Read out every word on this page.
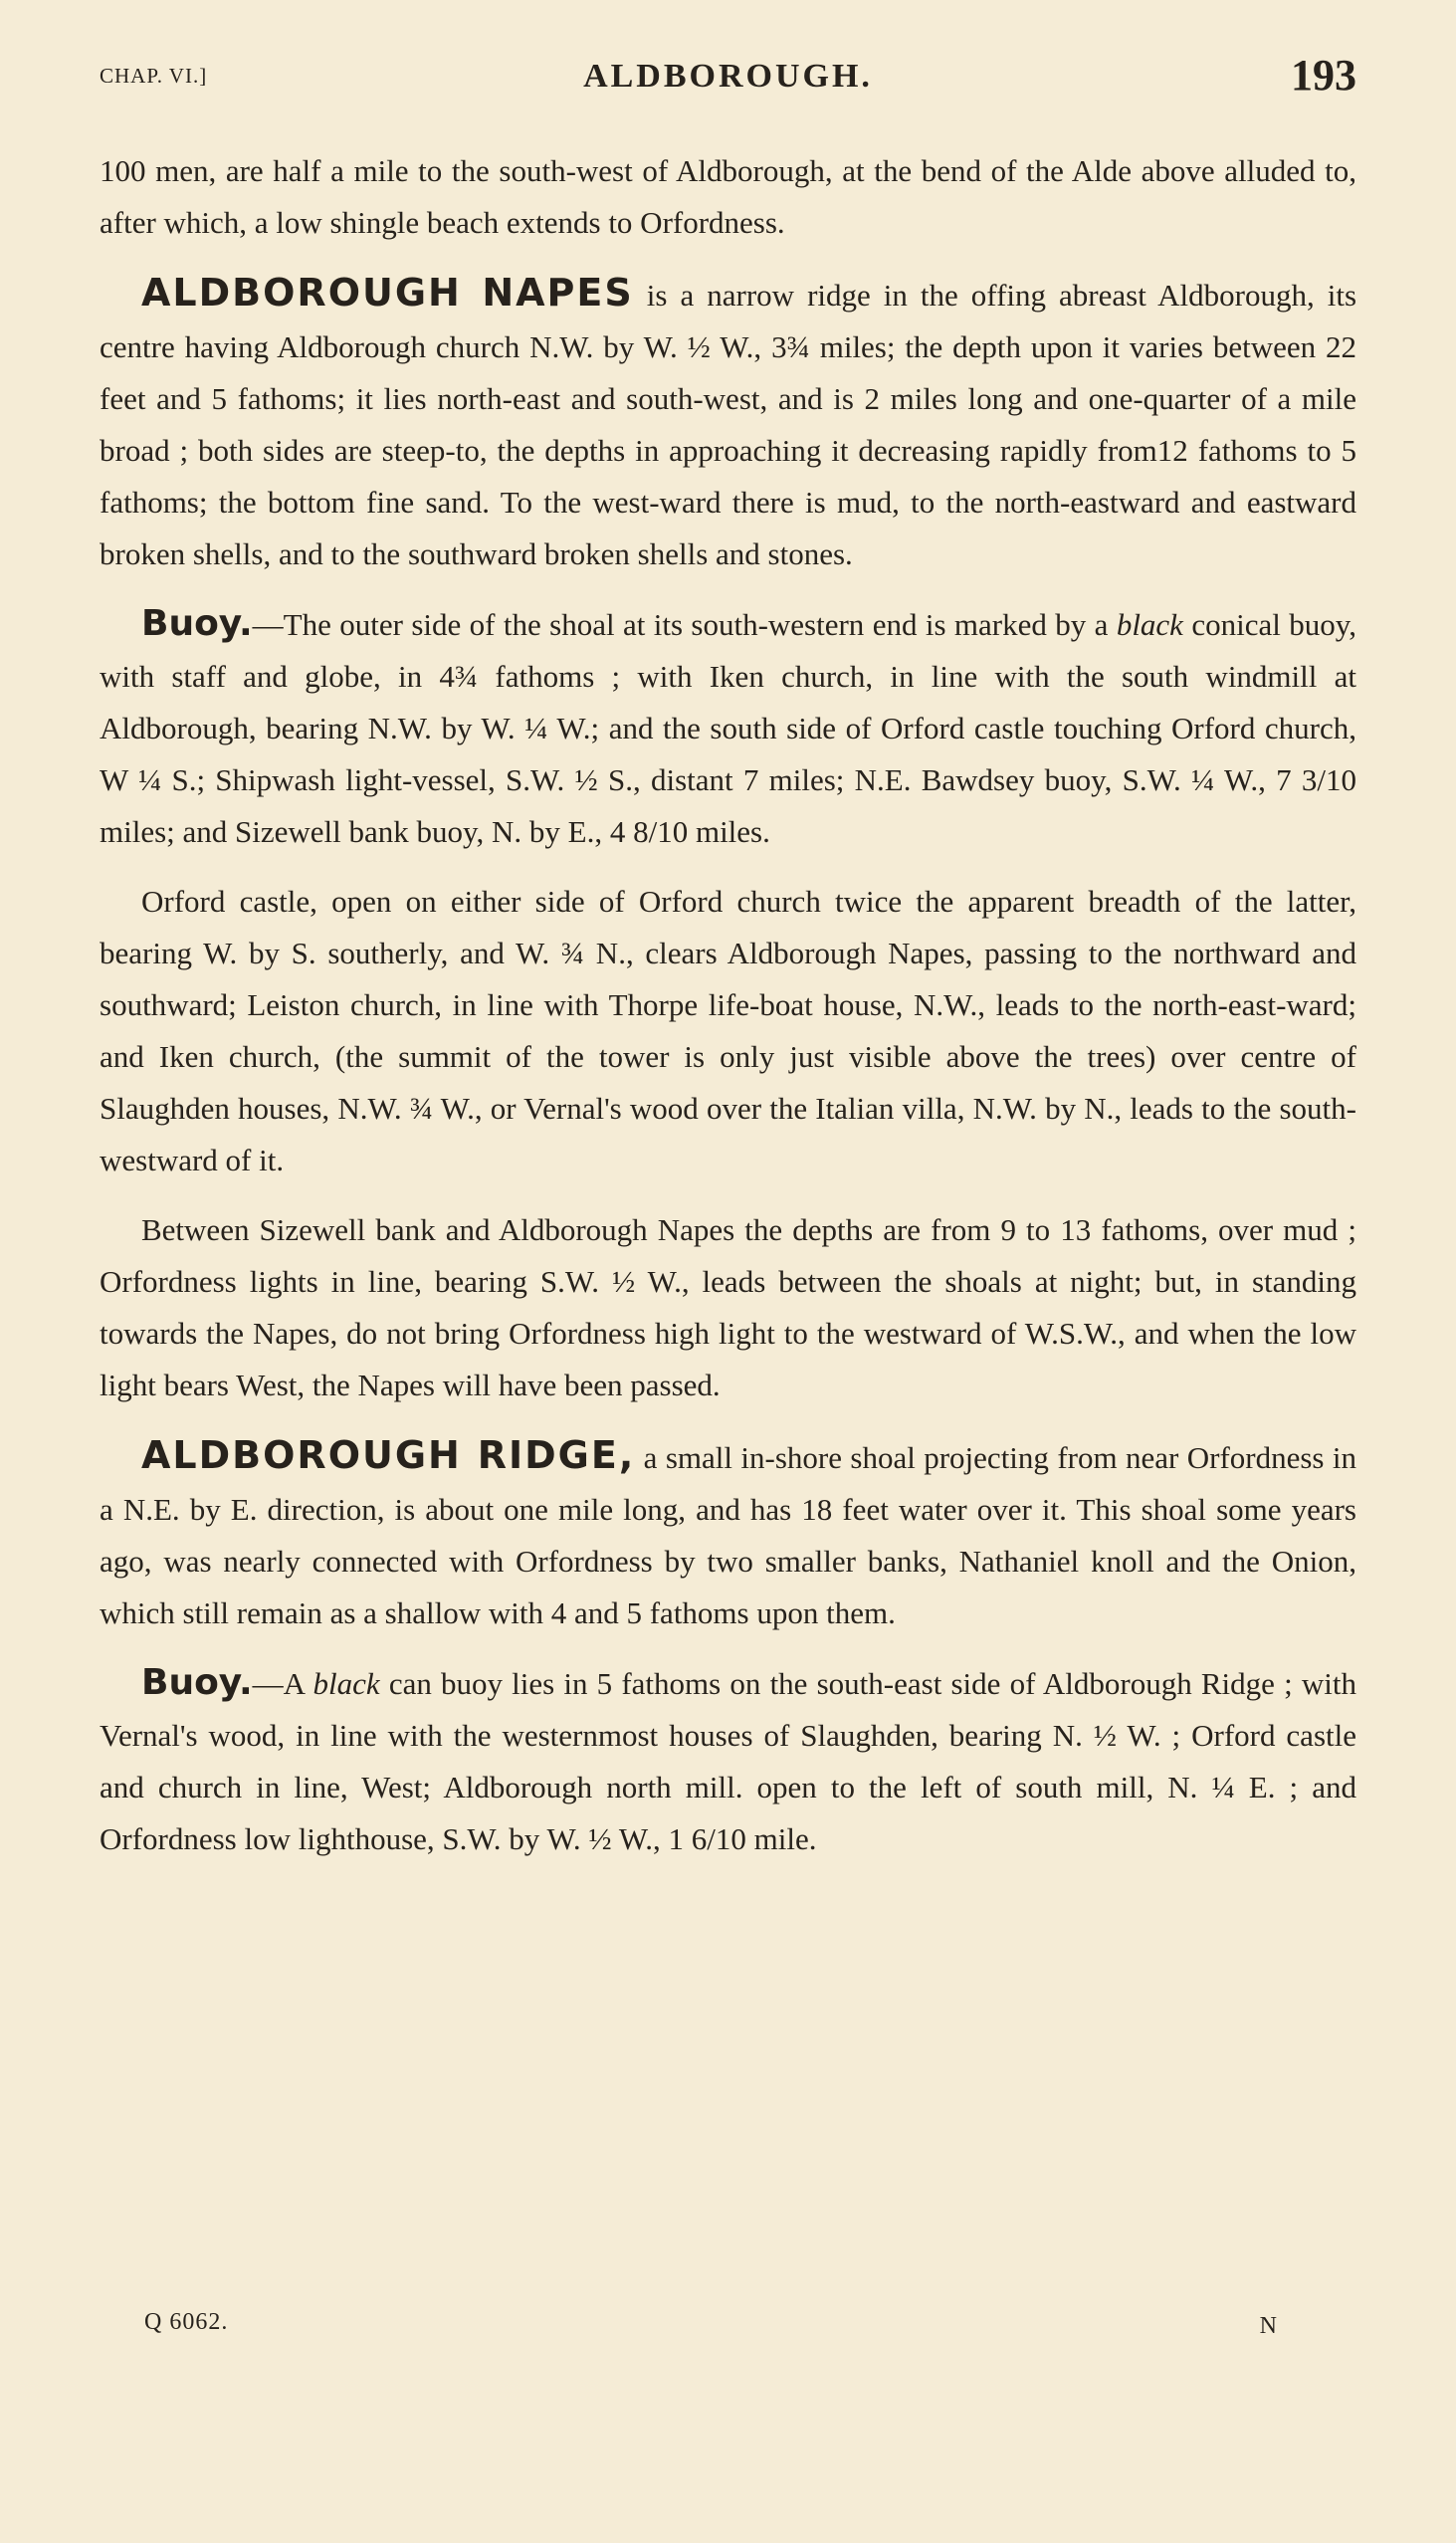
CHAP. VI.]	ALDBOROUGH.	193

100 men, are half a mile to the south-west of Aldborough, at the bend of the Alde above alluded to, after which, a low shingle beach extends to Orfordness.

ALDBOROUGH NAPES is a narrow ridge in the offing abreast Aldborough, its centre having Aldborough church N.W. by W. ½ W., 3¾ miles; the depth upon it varies between 22 feet and 5 fathoms; it lies north-east and south-west, and is 2 miles long and one-quarter of a mile broad ; both sides are steep-to, the depths in approaching it decreasing rapidly from12 fathoms to 5 fathoms; the bottom fine sand. To the west-ward there is mud, to the north-eastward and eastward broken shells, and to the southward broken shells and stones.

Buoy.—The outer side of the shoal at its south-western end is marked by a black conical buoy, with staff and globe, in 4¾ fathoms ; with Iken church, in line with the south windmill at Aldborough, bearing N.W. by W. ¼ W.; and the south side of Orford castle touching Orford church, W ¼ S.; Shipwash light-vessel, S.W. ½ S., distant 7 miles; N.E. Bawdsey buoy, S.W. ¼ W., 7 3/10 miles; and Sizewell bank buoy, N. by E., 4 8/10 miles.

Orford castle, open on either side of Orford church twice the apparent breadth of the latter, bearing W. by S. southerly, and W. ¾ N., clears Aldborough Napes, passing to the northward and southward; Leiston church, in line with Thorpe life-boat house, N.W., leads to the north-east-ward; and Iken church, (the summit of the tower is only just visible above the trees) over centre of Slaughden houses, N.W. ¾ W., or Vernal's wood over the Italian villa, N.W. by N., leads to the south-westward of it.

Between Sizewell bank and Aldborough Napes the depths are from 9 to 13 fathoms, over mud ; Orfordness lights in line, bearing S.W. ½ W., leads between the shoals at night; but, in standing towards the Napes, do not bring Orfordness high light to the westward of W.S.W., and when the low light bears West, the Napes will have been passed.

ALDBOROUGH RIDGE, a small in-shore shoal projecting from near Orfordness in a N.E. by E. direction, is about one mile long, and has 18 feet water over it. This shoal some years ago, was nearly connected with Orfordness by two smaller banks, Nathaniel knoll and the Onion, which still remain as a shallow with 4 and 5 fathoms upon them.

Buoy.—A black can buoy lies in 5 fathoms on the south-east side of Aldborough Ridge ; with Vernal's wood, in line with the westernmost houses of Slaughden, bearing N. ½ W. ; Orford castle and church in line, West; Aldborough north mill. open to the left of south mill, N. ¼ E. ; and Orfordness low lighthouse, S.W. by W. ½ W., 1 6/10 mile.

Q 6062.	N
